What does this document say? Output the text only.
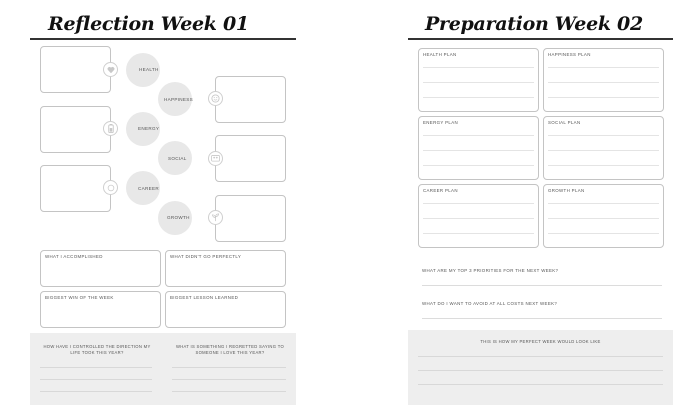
Reflection Week 01
HEALTH
HAPPINESS
ENERGY
SOCIAL
CAREER
GROWTH
WHAT I ACCOMPLISHED	WHAT DIDN'T GO PERFECTLY
BIGGEST WIN OF THE WEEK	BIGGEST LESSON LEARNED
HOW HAVE I CONTROLLED THE DIRECTION MY LIFE TOOK THIS YEAR?
WHAT IS SOMETHING I REGRETTED SAYING TO SOMEONE I LOVE THIS YEAR?
Preparation Week 02
HEALTH PLAN	HAPPINESS PLAN
ENERGY PLAN	SOCIAL PLAN
CAREER PLAN	GROWTH PLAN
WHAT ARE MY TOP 3 PRIORITIES FOR THE NEXT WEEK?
WHAT DO I WANT TO AVOID AT ALL COSTS NEXT WEEK?
THIS IS HOW MY PERFECT WEEK WOULD LOOK LIKE
